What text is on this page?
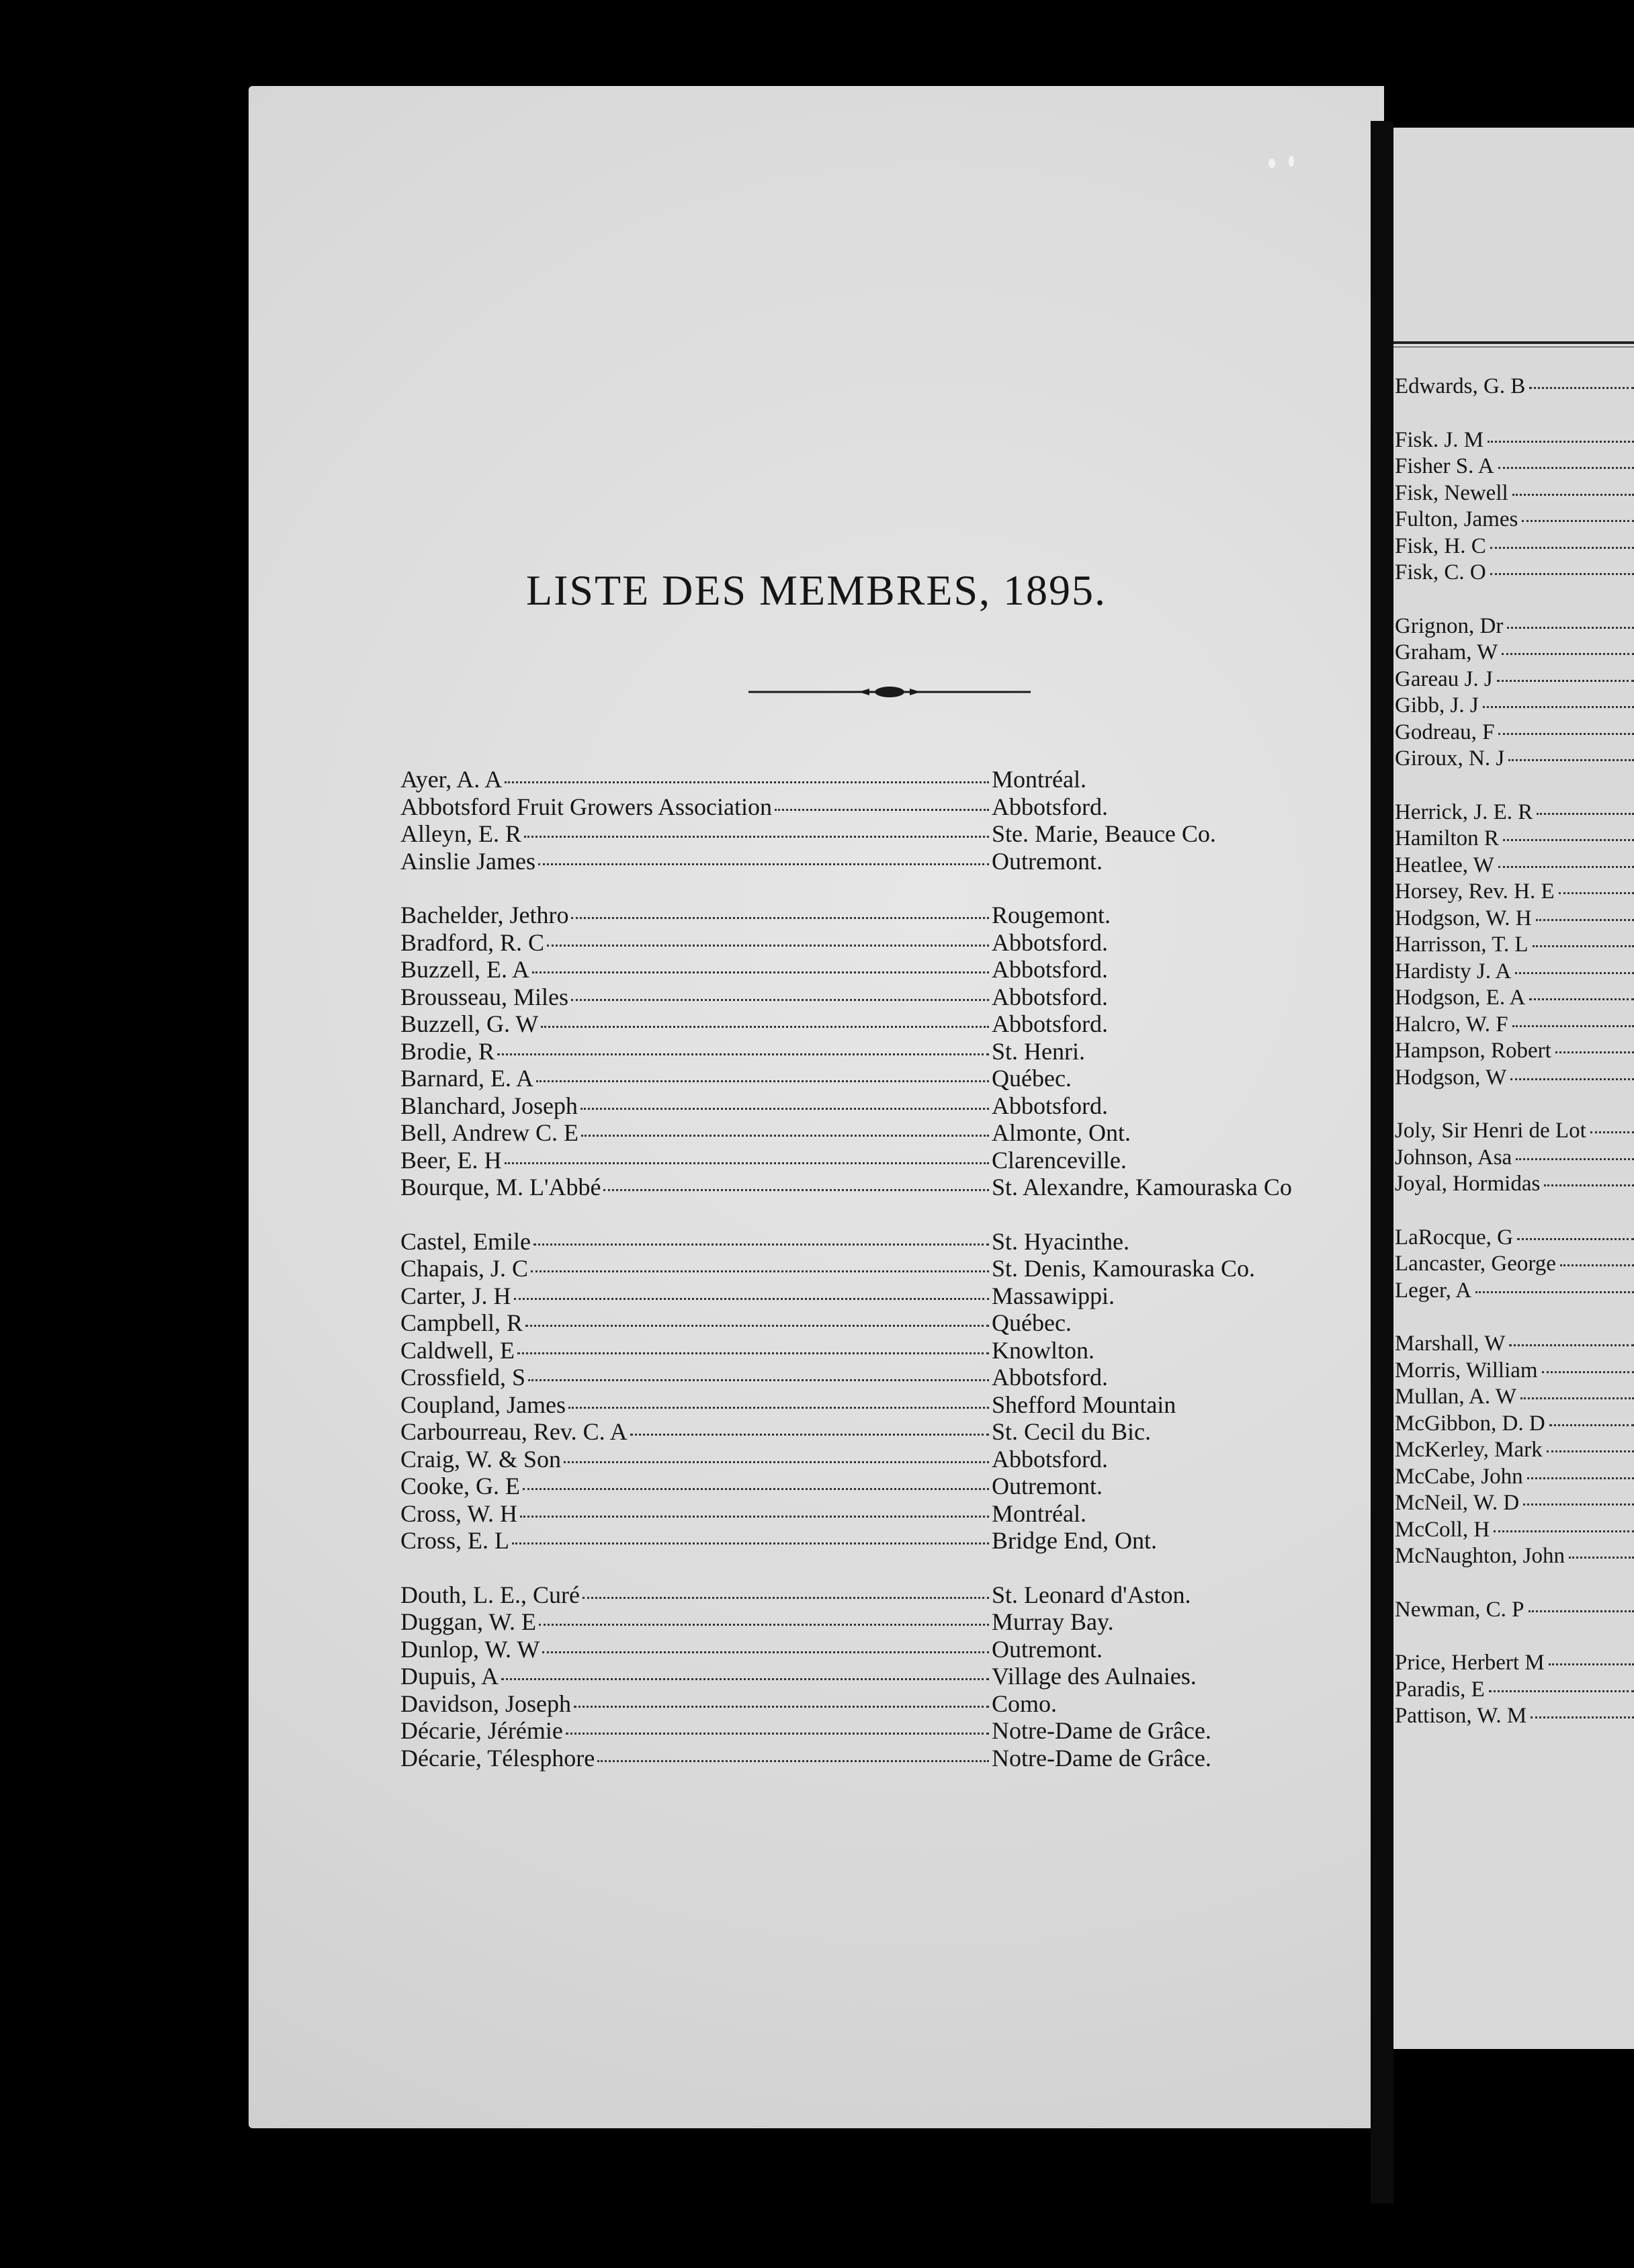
Edwards, G. B
Fisk. J. M
Fisher S. A
Fisk, Newell
Fulton, James
Fisk, H. C
Fisk, C. O
Grignon, Dr
Graham, W
Gareau J. J
Gibb, J. J
Godreau, F
Giroux, N. J
Herrick, J. E. R
Hamilton R
Heatlee, W
Horsey, Rev. H. E
Hodgson, W. H
Harrisson, T. L
Hardisty J. A
Hodgson, E. A
Halcro, W. F
Hampson, Robert
Hodgson, W
Joly, Sir Henri de Lot
Johnson, Asa
Joyal, Hormidas
LaRocque, G
Lancaster, George
Leger, A
Marshall, W
Morris, William
Mullan, A. W
McGibbon, D. D
McKerley, Mark
McCabe, John
McNeil, W. D
McColl, H
McNaughton, John
Newman, C. P
Price, Herbert M
Paradis, E
Pattison, W. M
LISTE DES MEMBRES, 1895.
Ayer, A. A	Montréal.
Abbotsford Fruit Growers Association	Abbotsford.
Alleyn, E. R	Ste. Marie, Beauce Co.
Ainslie James	Outremont.
Bachelder, Jethro	Rougemont.
Bradford, R. C	Abbotsford.
Buzzell, E. A	Abbotsford.
Brousseau, Miles	Abbotsford.
Buzzell, G. W	Abbotsford.
Brodie, R	St. Henri.
Barnard, E. A	Québec.
Blanchard, Joseph	Abbotsford.
Bell, Andrew C. E	Almonte, Ont.
Beer, E. H	Clarenceville.
Bourque, M. L'Abbé	St. Alexandre, Kamouraska Co
Castel, Emile	St. Hyacinthe.
Chapais, J. C	St. Denis, Kamouraska Co.
Carter, J. H	Massawippi.
Campbell, R	Québec.
Caldwell, E	Knowlton.
Crossfield, S	Abbotsford.
Coupland, James	Shefford Mountain
Carbourreau, Rev. C. A	St. Cecil du Bic.
Craig, W. & Son	Abbotsford.
Cooke, G. E	Outremont.
Cross, W. H	Montréal.
Cross, E. L	Bridge End, Ont.
Douth, L. E., Curé	St. Leonard d'Aston.
Duggan, W. E	Murray Bay.
Dunlop, W. W	Outremont.
Dupuis, A	Village des Aulnaies.
Davidson, Joseph	Como.
Décarie, Jérémie	Notre-Dame de Grâce.
Décarie, Télesphore	Notre-Dame de Grâce.
